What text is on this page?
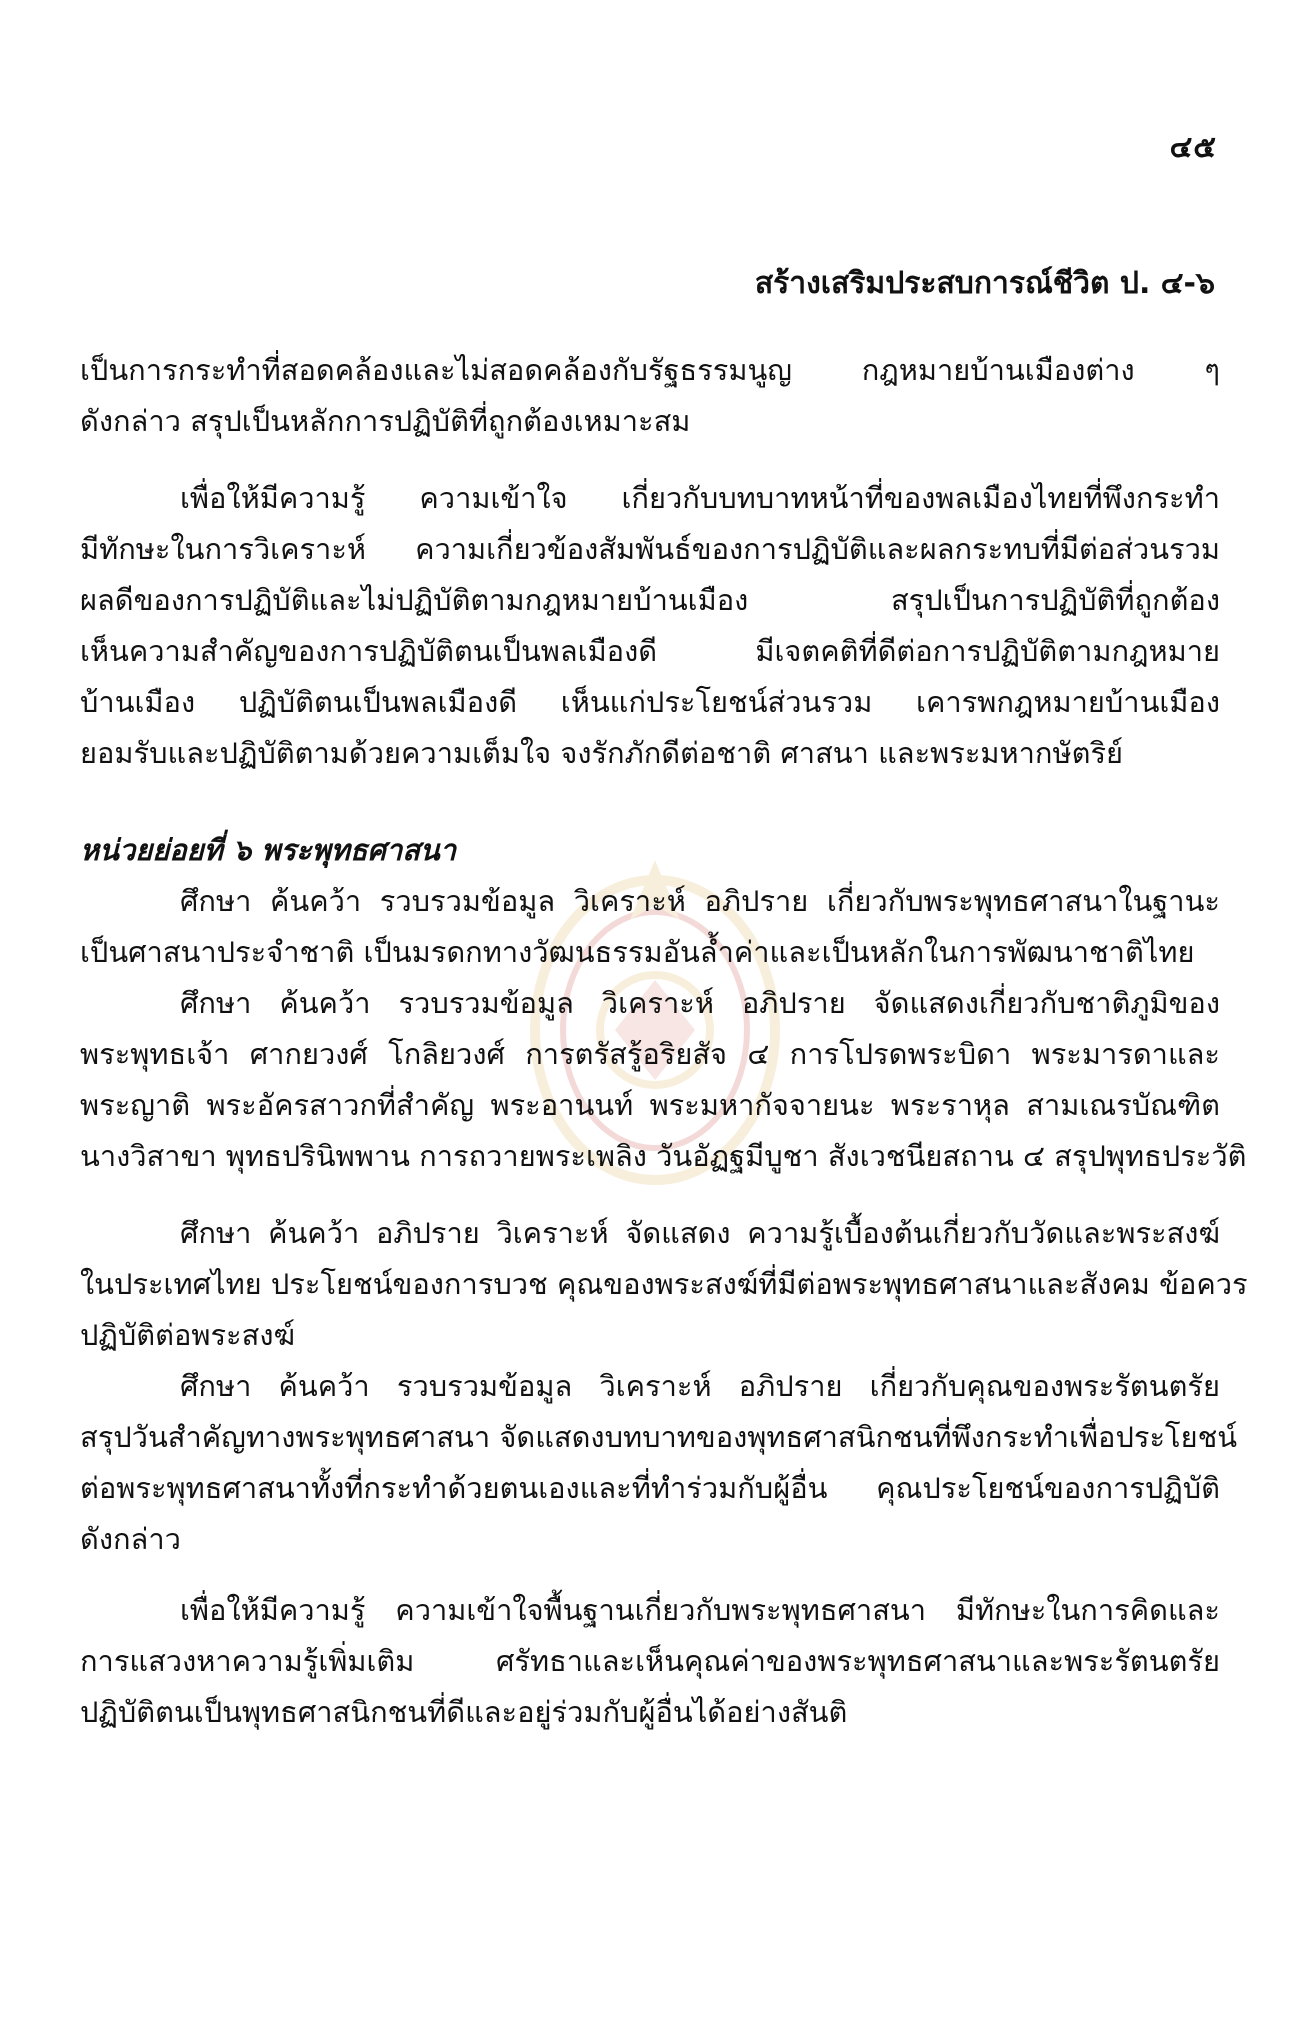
๔๕
สร้างเสริมประสบการณ์ชีวิต ป. ๔-๖
เป็นการกระทำที่สอดคล้องและไม่สอดคล้องกับรัฐธรรมนูญ กฎหมายบ้านเมืองต่าง ๆ
ดังกล่าว สรุปเป็นหลักการปฏิบัติที่ถูกต้องเหมาะสม
เพื่อให้มีความรู้ ความเข้าใจ เกี่ยวกับบทบาทหน้าที่ของพลเมืองไทยที่พึงกระทำ
มีทักษะในการวิเคราะห์ ความเกี่ยวข้องสัมพันธ์ของการปฏิบัติและผลกระทบที่มีต่อส่วนรวม
ผลดีของการปฏิบัติและไม่ปฏิบัติตามกฎหมายบ้านเมือง สรุปเป็นการปฏิบัติที่ถูกต้อง
เห็นความสำคัญของการปฏิบัติตนเป็นพลเมืองดี มีเจตคติที่ดีต่อการปฏิบัติตามกฎหมาย
บ้านเมือง ปฏิบัติตนเป็นพลเมืองดี เห็นแก่ประโยชน์ส่วนรวม เคารพกฎหมายบ้านเมือง
ยอมรับและปฏิบัติตามด้วยความเต็มใจ จงรักภักดีต่อชาติ ศาสนา และพระมหากษัตริย์
หน่วยย่อยที่ ๖ พระพุทธศาสนา
ศึกษา ค้นคว้า รวบรวมข้อมูล วิเคราะห์ อภิปราย เกี่ยวกับพระพุทธศาสนาในฐานะ
เป็นศาสนาประจำชาติ เป็นมรดกทางวัฒนธรรมอันล้ำค่าและเป็นหลักในการพัฒนาชาติไทย
ศึกษา ค้นคว้า รวบรวมข้อมูล วิเคราะห์ อภิปราย จัดแสดงเกี่ยวกับชาติภูมิของ
พระพุทธเจ้า ศากยวงศ์ โกลิยวงศ์ การตรัสรู้อริยสัจ ๔ การโปรดพระบิดา พระมารดาและ
พระญาติ พระอัครสาวกที่สำคัญ พระอานนท์ พระมหากัจจายนะ พระราหุล สามเณรบัณฑิต
นางวิสาขา พุทธปรินิพพาน การถวายพระเพลิง วันอัฏฐมีบูชา สังเวชนียสถาน ๔ สรุปพุทธประวัติ
ศึกษา ค้นคว้า อภิปราย วิเคราะห์ จัดแสดง ความรู้เบื้องต้นเกี่ยวกับวัดและพระสงฆ์
ในประเทศไทย ประโยชน์ของการบวช คุณของพระสงฆ์ที่มีต่อพระพุทธศาสนาและสังคม ข้อควร
ปฏิบัติต่อพระสงฆ์
ศึกษา ค้นคว้า รวบรวมข้อมูล วิเคราะห์ อภิปราย เกี่ยวกับคุณของพระรัตนตรัย
สรุปวันสำคัญทางพระพุทธศาสนา จัดแสดงบทบาทของพุทธศาสนิกชนที่พึงกระทำเพื่อประโยชน์
ต่อพระพุทธศาสนาทั้งที่กระทำด้วยตนเองและที่ทำร่วมกับผู้อื่น คุณประโยชน์ของการปฏิบัติ
ดังกล่าว
เพื่อให้มีความรู้ ความเข้าใจพื้นฐานเกี่ยวกับพระพุทธศาสนา มีทักษะในการคิดและ
การแสวงหาความรู้เพิ่มเติม ศรัทธาและเห็นคุณค่าของพระพุทธศาสนาและพระรัตนตรัย
ปฏิบัติตนเป็นพุทธศาสนิกชนที่ดีและอยู่ร่วมกับผู้อื่นได้อย่างสันติ
